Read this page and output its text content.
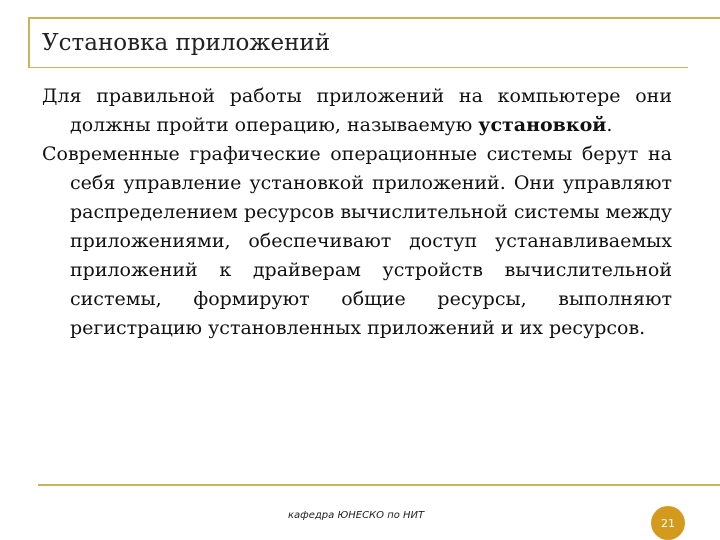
Установка приложений

Для правильной работы приложений на компьютере они должны пройти операцию, называемую установкой.

Современные графические операционные системы берут на себя управление установкой приложений. Они управляют распределением ресурсов вычислительной системы между приложениями, обеспечивают доступ устанавливаемых приложений к драйверам устройств вычислительной системы, формируют общие ресурсы, выполняют регистрацию установленных приложений и их ресурсов.

кафедра ЮНЕСКО по НИТ
21
